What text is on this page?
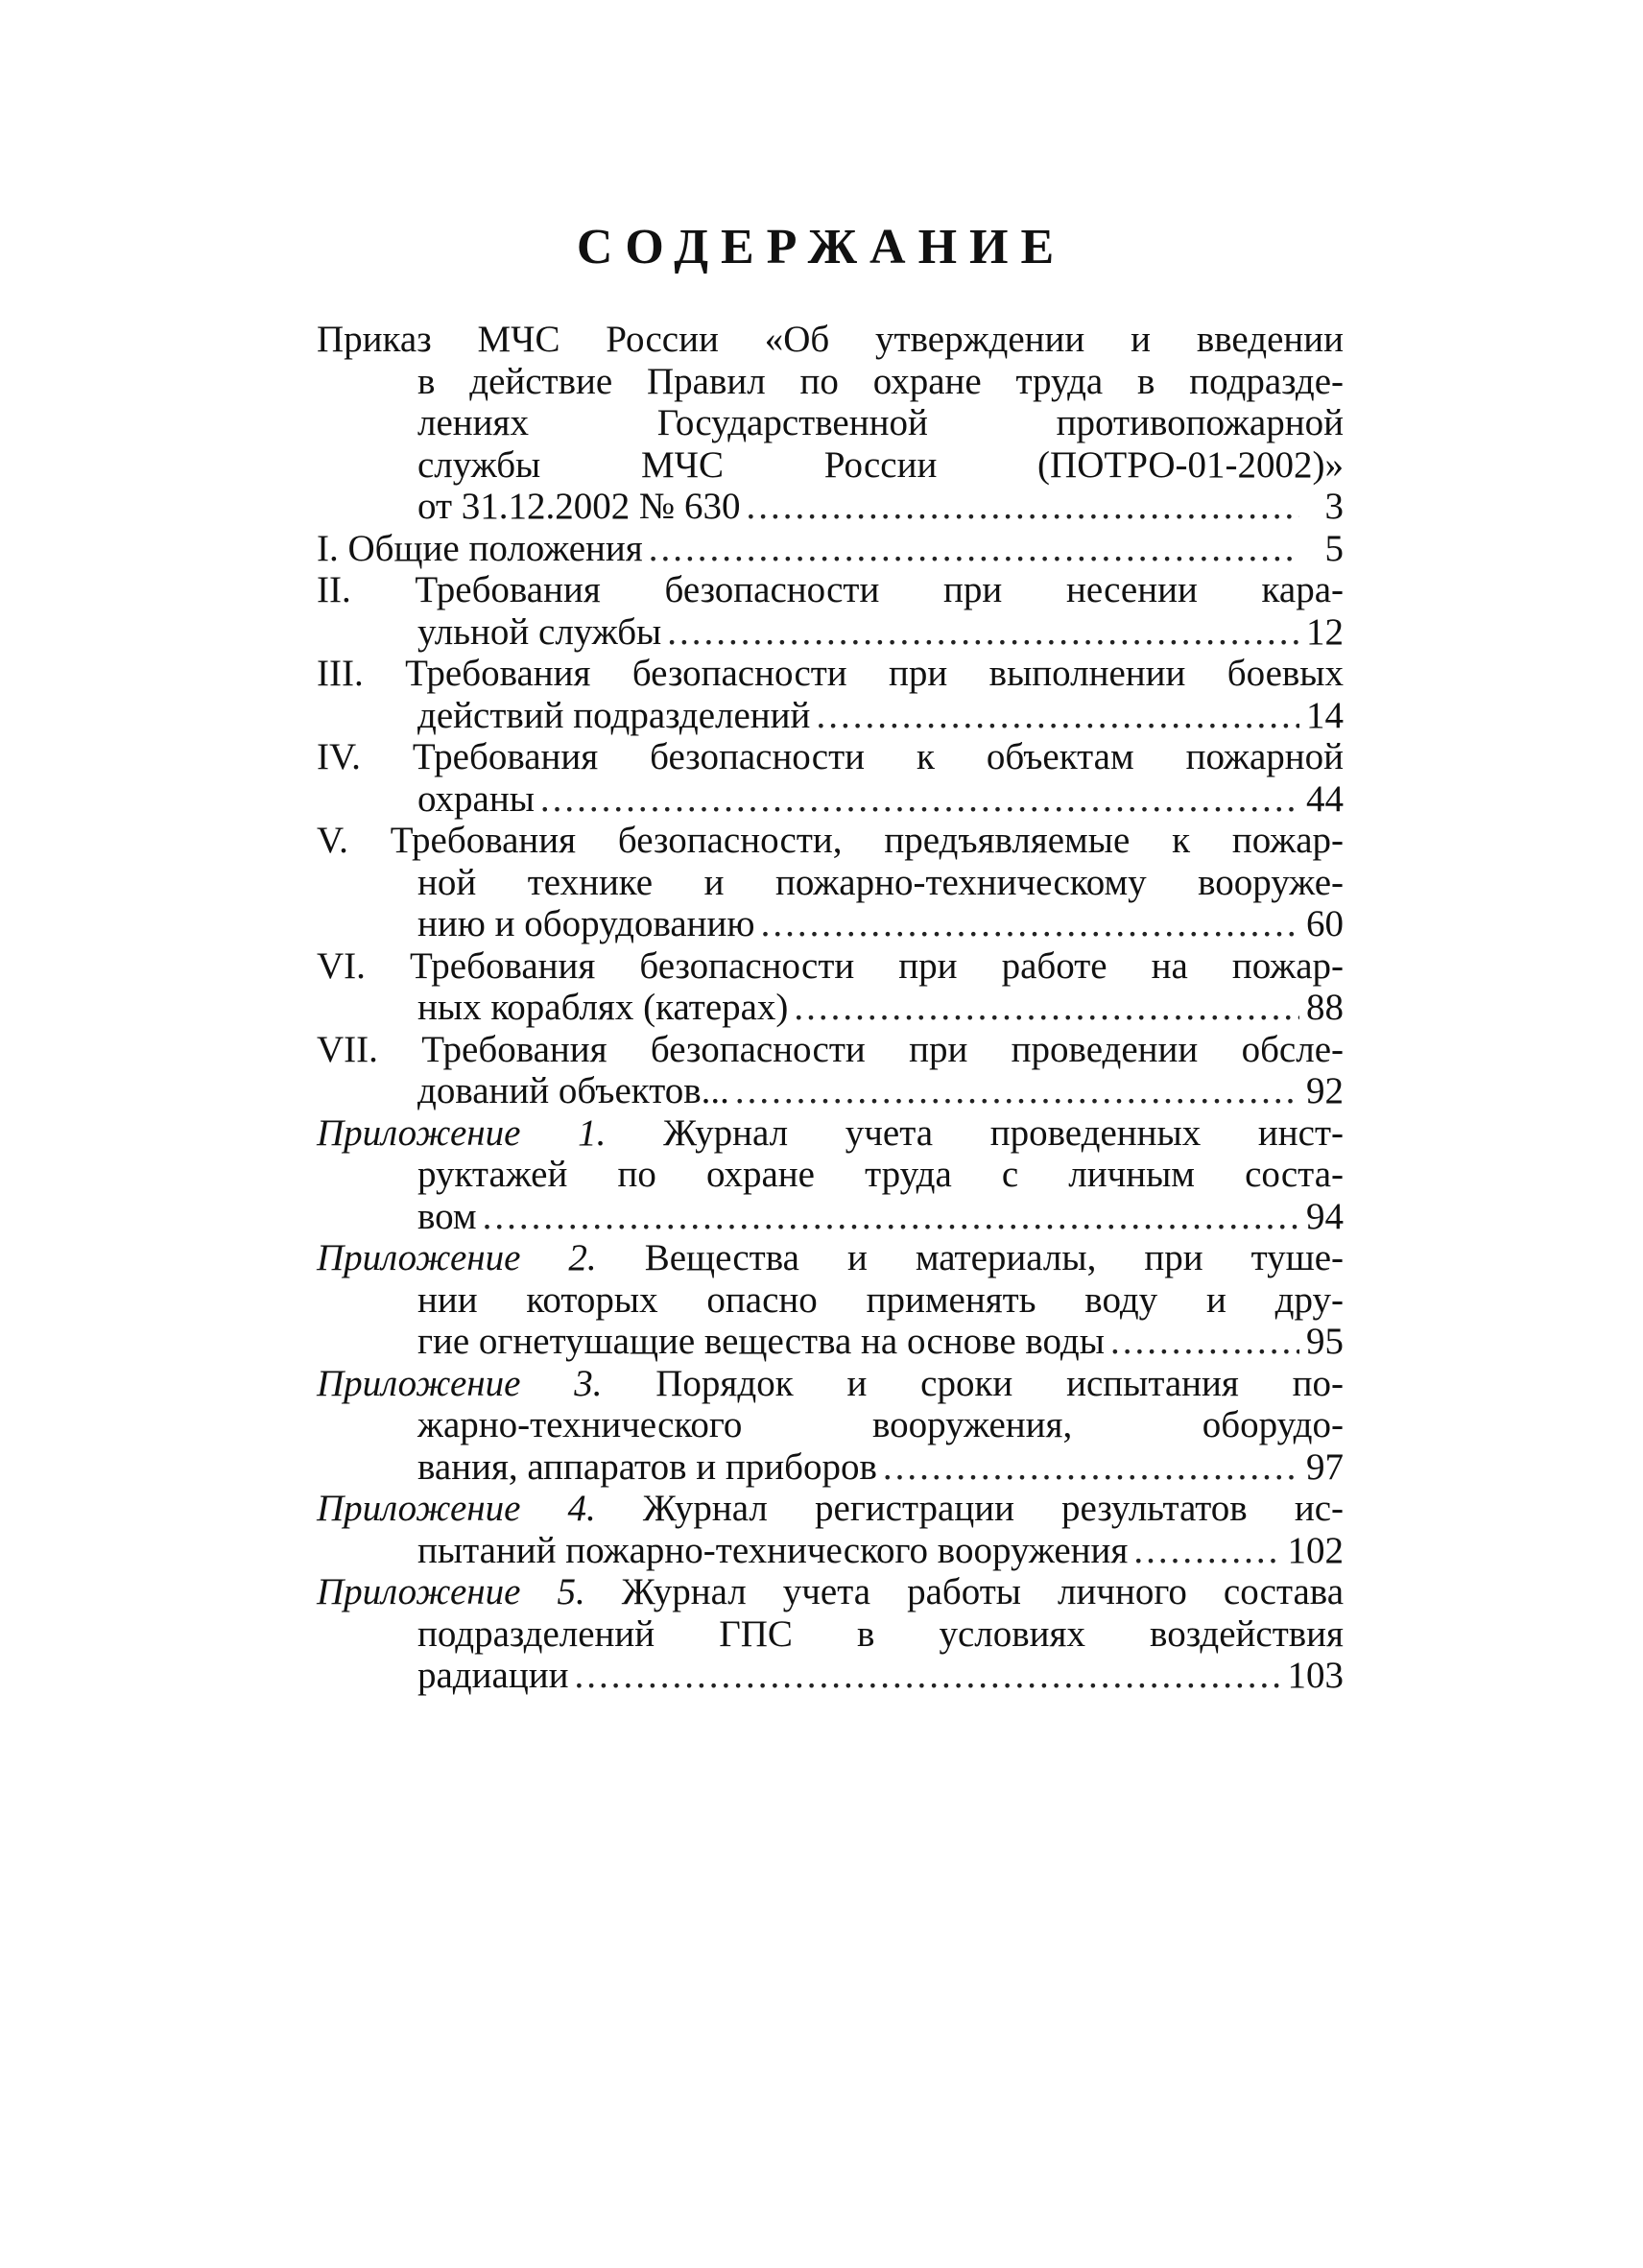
СОДЕРЖАНИЕ
Приказ МЧС России «Об утверждении и введении
в действие Правил по охране труда в подразде-
лениях Государственной противопожарной
службы МЧС России (ПОТРО-01-2002)»
от 31.12.2002 № 630 .....	3
I. Общие положения .....	5
II. Требования безопасности при несении кара-
ульной службы .....	12
III. Требования безопасности при выполнении боевых
действий подразделений .....	14
IV. Требования безопасности к объектам пожарной
охраны .....	44
V. Требования безопасности, предъявляемые к пожар-
ной технике и пожарно-техническому вооруже-
нию и оборудованию .....	60
VI. Требования безопасности при работе на пожар-
ных кораблях (катерах) .....	88
VII. Требования безопасности при проведении обсле-
дований объектов... .....	92
Приложение 1. Журнал учета проведенных инст-
руктажей по охране труда с личным соста-
вом .....	94
Приложение 2. Вещества и материалы, при туше-
нии которых опасно применять воду и дру-
гие огнетушащие вещества на основе воды .....	95
Приложение 3. Порядок и сроки испытания по-
жарно-технического вооружения, оборудо-
вания, аппаратов и приборов .....	97
Приложение 4. Журнал регистрации результатов ис-
пытаний пожарно-технического вооружения .....	102
Приложение 5. Журнал учета работы личного состава
подразделений ГПС в условиях воздействия
радиации .....	103
